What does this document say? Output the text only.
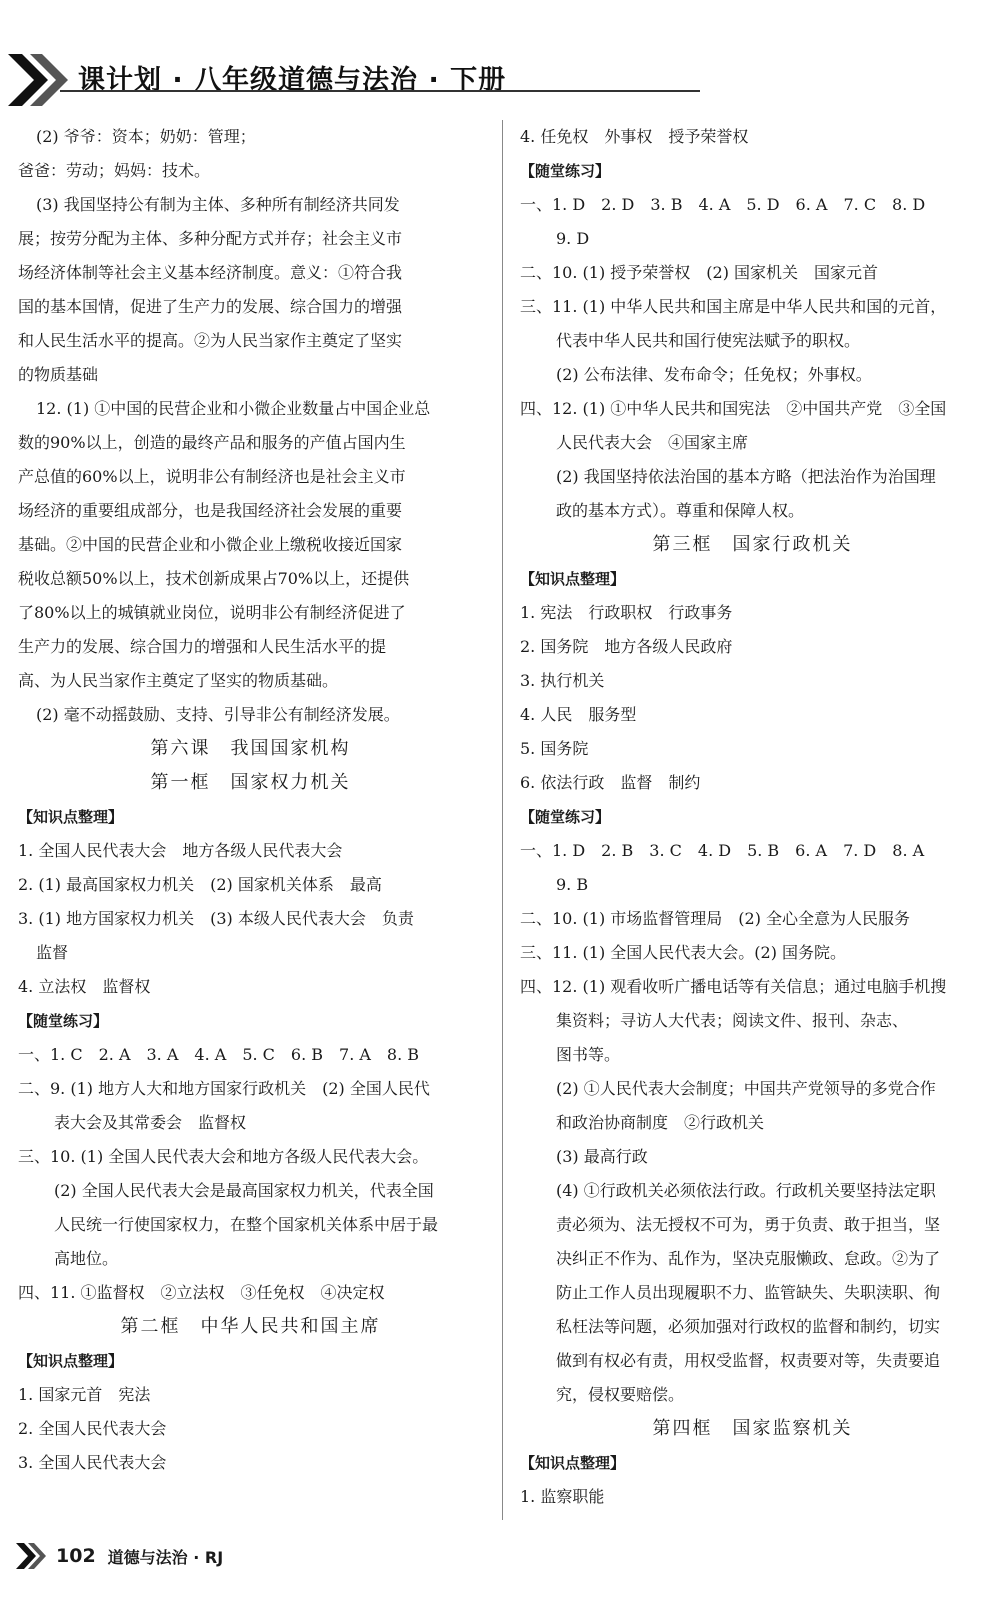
课计划 · 八年级道德与法治 · 下册
(2) 爷爷：资本；奶奶：管理；
爸爸：劳动；妈妈：技术。
(3) 我国坚持公有制为主体、多种所有制经济共同发
展；按劳分配为主体、多种分配方式并存；社会主义市
场经济体制等社会主义基本经济制度。意义：①符合我
国的基本国情，促进了生产力的发展、综合国力的增强
和人民生活水平的提高。②为人民当家作主奠定了坚实
的物质基础
12. (1) ①中国的民营企业和小微企业数量占中国企业总
数的90%以上，创造的最终产品和服务的产值占国内生
产总值的60%以上，说明非公有制经济也是社会主义市
场经济的重要组成部分，也是我国经济社会发展的重要
基础。②中国的民营企业和小微企业上缴税收接近国家
税收总额50%以上，技术创新成果占70%以上，还提供
了80%以上的城镇就业岗位，说明非公有制经济促进了
生产力的发展、综合国力的增强和人民生活水平的提
高、为人民当家作主奠定了坚实的物质基础。
(2) 毫不动摇鼓励、支持、引导非公有制经济发展。
第六课　我国国家机构
第一框　国家权力机关
【知识点整理】
1. 全国人民代表大会　地方各级人民代表大会
2. (1) 最高国家权力机关　(2) 国家机关体系　最高
3. (1) 地方国家权力机关　(3) 本级人民代表大会　负责
监督
4. 立法权　监督权
【随堂练习】
一、1. C　2. A　3. A　4. A　5. C　6. B　7. A　8. B
二、9. (1) 地方人大和地方国家行政机关　(2) 全国人民代
表大会及其常委会　监督权
三、10. (1) 全国人民代表大会和地方各级人民代表大会。
(2) 全国人民代表大会是最高国家权力机关，代表全国
人民统一行使国家权力，在整个国家机关体系中居于最
高地位。
四、11. ①监督权　②立法权　③任免权　④决定权
第二框　中华人民共和国主席
【知识点整理】
1. 国家元首　宪法
2. 全国人民代表大会
3. 全国人民代表大会
4. 任免权　外事权　授予荣誉权
【随堂练习】
一、1. D　2. D　3. B　4. A　5. D　6. A　7. C　8. D
9. D
二、10. (1) 授予荣誉权　(2) 国家机关　国家元首
三、11. (1) 中华人民共和国主席是中华人民共和国的元首，
代表中华人民共和国行使宪法赋予的职权。
(2) 公布法律、发布命令；任免权；外事权。
四、12. (1) ①中华人民共和国宪法　②中国共产党　③全国
人民代表大会　④国家主席
(2) 我国坚持依法治国的基本方略（把法治作为治国理
政的基本方式）。尊重和保障人权。
第三框　国家行政机关
【知识点整理】
1. 宪法　行政职权　行政事务
2. 国务院　地方各级人民政府
3. 执行机关
4. 人民　服务型
5. 国务院
6. 依法行政　监督　制约
【随堂练习】
一、1. D　2. B　3. C　4. D　5. B　6. A　7. D　8. A
9. B
二、10. (1) 市场监督管理局　(2) 全心全意为人民服务
三、11. (1) 全国人民代表大会。(2) 国务院。
四、12. (1) 观看收听广播电话等有关信息；通过电脑手机搜
集资料；寻访人大代表；阅读文件、报刊、杂志、
图书等。
(2) ①人民代表大会制度；中国共产党领导的多党合作
和政治协商制度　②行政机关
(3) 最高行政
(4) ①行政机关必须依法行政。行政机关要坚持法定职
责必须为、法无授权不可为，勇于负责、敢于担当，坚
决纠正不作为、乱作为，坚决克服懒政、怠政。②为了
防止工作人员出现履职不力、监管缺失、失职渎职、徇
私枉法等问题，必须加强对行政权的监督和制约，切实
做到有权必有责，用权受监督，权责要对等，失责要追
究，侵权要赔偿。
第四框　国家监察机关
【知识点整理】
1. 监察职能
102 道德与法治 · RJ
